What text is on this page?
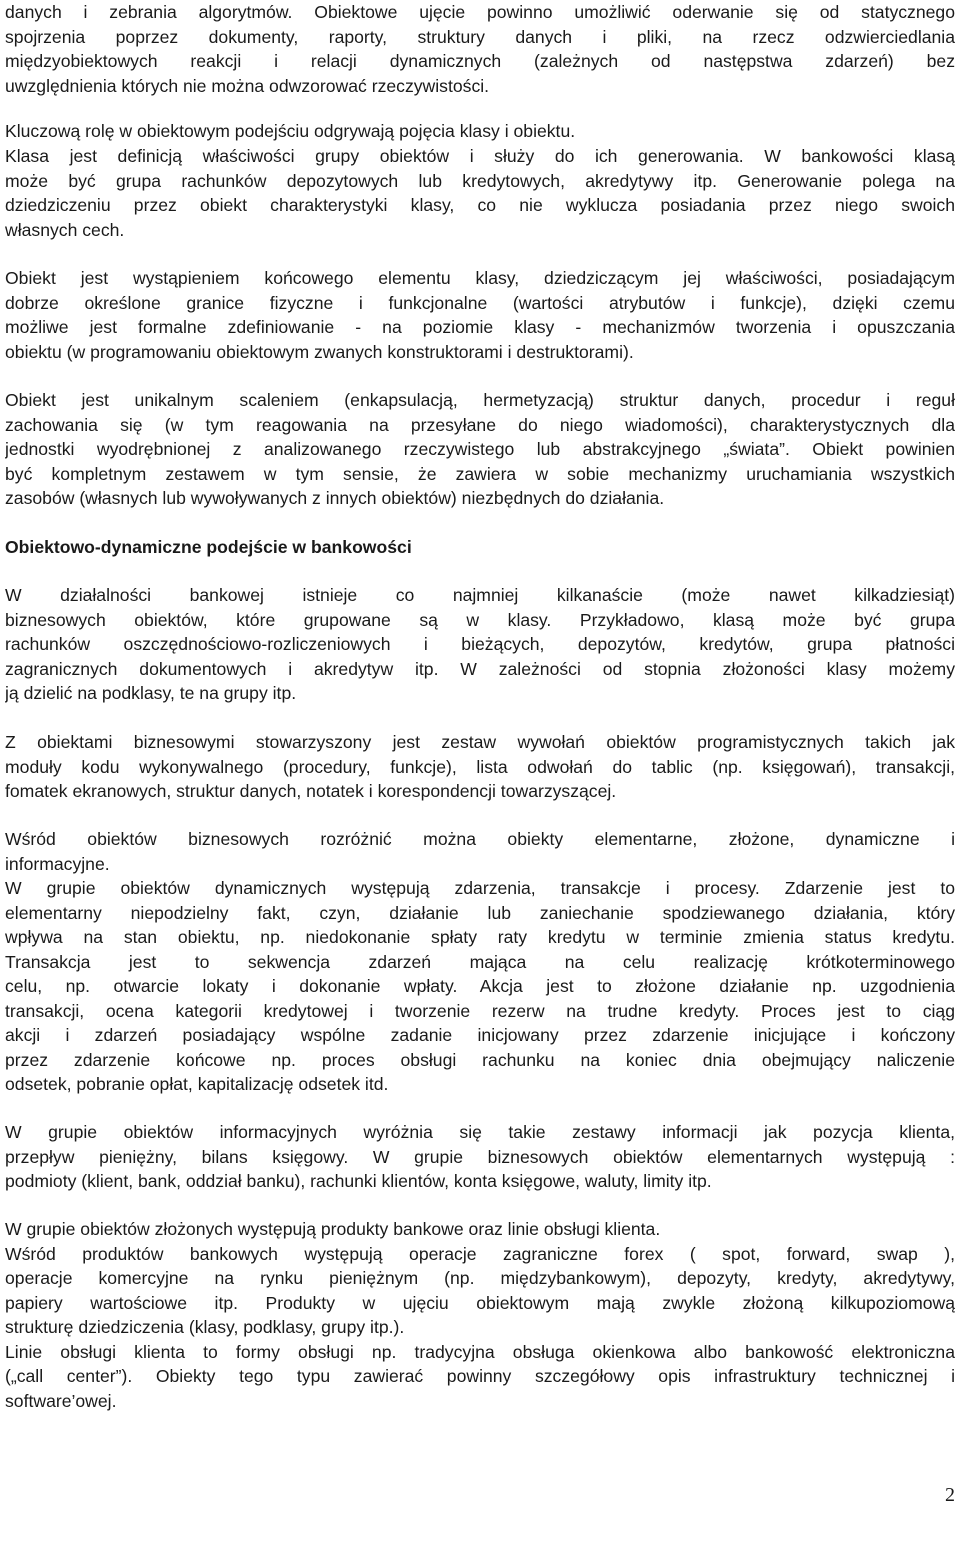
danych i zebrania algorytmów. Obiektowe ujęcie powinno umożliwić oderwanie się od statycznego
spojrzenia poprzez dokumenty, raporty, struktury danych i pliki, na rzecz odzwierciedlania
międzyobiektowych reakcji i relacji dynamicznych (zależnych od następstwa zdarzeń) bez
uwzględnienia których nie można odwzorować rzeczywistości.
Kluczową rolę w obiektowym podejściu odgrywają pojęcia klasy i obiektu.
Klasa jest definicją właściwości grupy obiektów i służy do ich generowania. W bankowości klasą
może być grupa rachunków depozytowych lub kredytowych, akredytywy itp. Generowanie polega na
dziedziczeniu przez obiekt charakterystyki klasy, co nie wyklucza posiadania przez niego swoich
własnych cech.
Obiekt jest wystąpieniem końcowego elementu klasy, dziedziczącym jej właściwości, posiadającym
dobrze określone granice fizyczne i funkcjonalne (wartości atrybutów i funkcje), dzięki czemu
możliwe jest formalne zdefiniowanie - na poziomie klasy - mechanizmów tworzenia i opuszczania
obiektu (w programowaniu obiektowym zwanych konstruktorami i destruktorami).
Obiekt jest unikalnym scaleniem (enkapsulacją, hermetyzacją) struktur danych, procedur i reguł
zachowania się (w tym reagowania na przesyłane do niego wiadomości), charakterystycznych dla
jednostki wyodrębnionej z analizowanego rzeczywistego lub abstrakcyjnego „świata”. Obiekt powinien
być kompletnym zestawem w tym sensie, że zawiera w sobie mechanizmy uruchamiania wszystkich
zasobów (własnych lub wywoływanych z innych obiektów) niezbędnych do działania.
Obiektowo-dynamiczne podejście w bankowości
W działalności bankowej istnieje co najmniej kilkanaście (może nawet kilkadziesiąt)
biznesowych obiektów, które grupowane są w klasy. Przykładowo, klasą może być grupa
rachunków oszczędnościowo-rozliczeniowych i bieżących, depozytów, kredytów, grupa płatności
zagranicznych dokumentowych i akredytyw itp. W zależności od stopnia złożoności klasy możemy
ją dzielić na podklasy, te na grupy itp.
Z obiektami biznesowymi stowarzyszony jest zestaw wywołań obiektów programistycznych takich jak
moduły kodu wykonywalnego (procedury, funkcje), lista odwołań do tablic (np. księgowań), transakcji,
fomatek ekranowych, struktur danych, notatek i korespondencji towarzyszącej.
Wśród obiektów biznesowych rozróżnić można obiekty elementarne, złożone, dynamiczne i
informacyjne.
W grupie obiektów dynamicznych występują zdarzenia, transakcje i procesy. Zdarzenie jest to
elementarny niepodzielny fakt, czyn, działanie lub zaniechanie spodziewanego działania, który
wpływa na stan obiektu, np. niedokonanie spłaty raty kredytu w terminie zmienia status kredytu.
Transakcja jest to sekwencja zdarzeń mająca na celu realizację krótkoterminowego
celu, np. otwarcie lokaty i dokonanie wpłaty. Akcja jest to złożone działanie np. uzgodnienia
transakcji, ocena kategorii kredytowej i tworzenie rezerw na trudne kredyty. Proces jest to ciąg
akcji i zdarzeń posiadający wspólne zadanie inicjowany przez zdarzenie inicjujące i kończony
przez zdarzenie końcowe np. proces obsługi rachunku na koniec dnia obejmujący naliczenie
odsetek, pobranie opłat, kapitalizację odsetek itd.
W grupie obiektów informacyjnych wyróżnia się takie zestawy informacji jak pozycja klienta,
przepływ pieniężny, bilans księgowy. W grupie biznesowych obiektów elementarnych występują :
podmioty (klient, bank, oddział banku), rachunki klientów, konta księgowe, waluty, limity itp.
W grupie obiektów złożonych występują produkty bankowe oraz linie obsługi klienta.
Wśród produktów bankowych występują operacje zagraniczne forex ( spot, forward, swap ),
operacje komercyjne na rynku pieniężnym (np. międzybankowym), depozyty, kredyty, akredytywy,
papiery wartościowe itp. Produkty w ujęciu obiektowym mają zwykle złożoną kilkupoziomową
strukturę dziedziczenia (klasy, podklasy, grupy itp.).
Linie obsługi klienta to formy obsługi np. tradycyjna obsługa okienkowa albo bankowość elektroniczna
(„call center”). Obiekty tego typu zawierać powinny szczegółowy opis infrastruktury technicznej i
software’owej.
2
